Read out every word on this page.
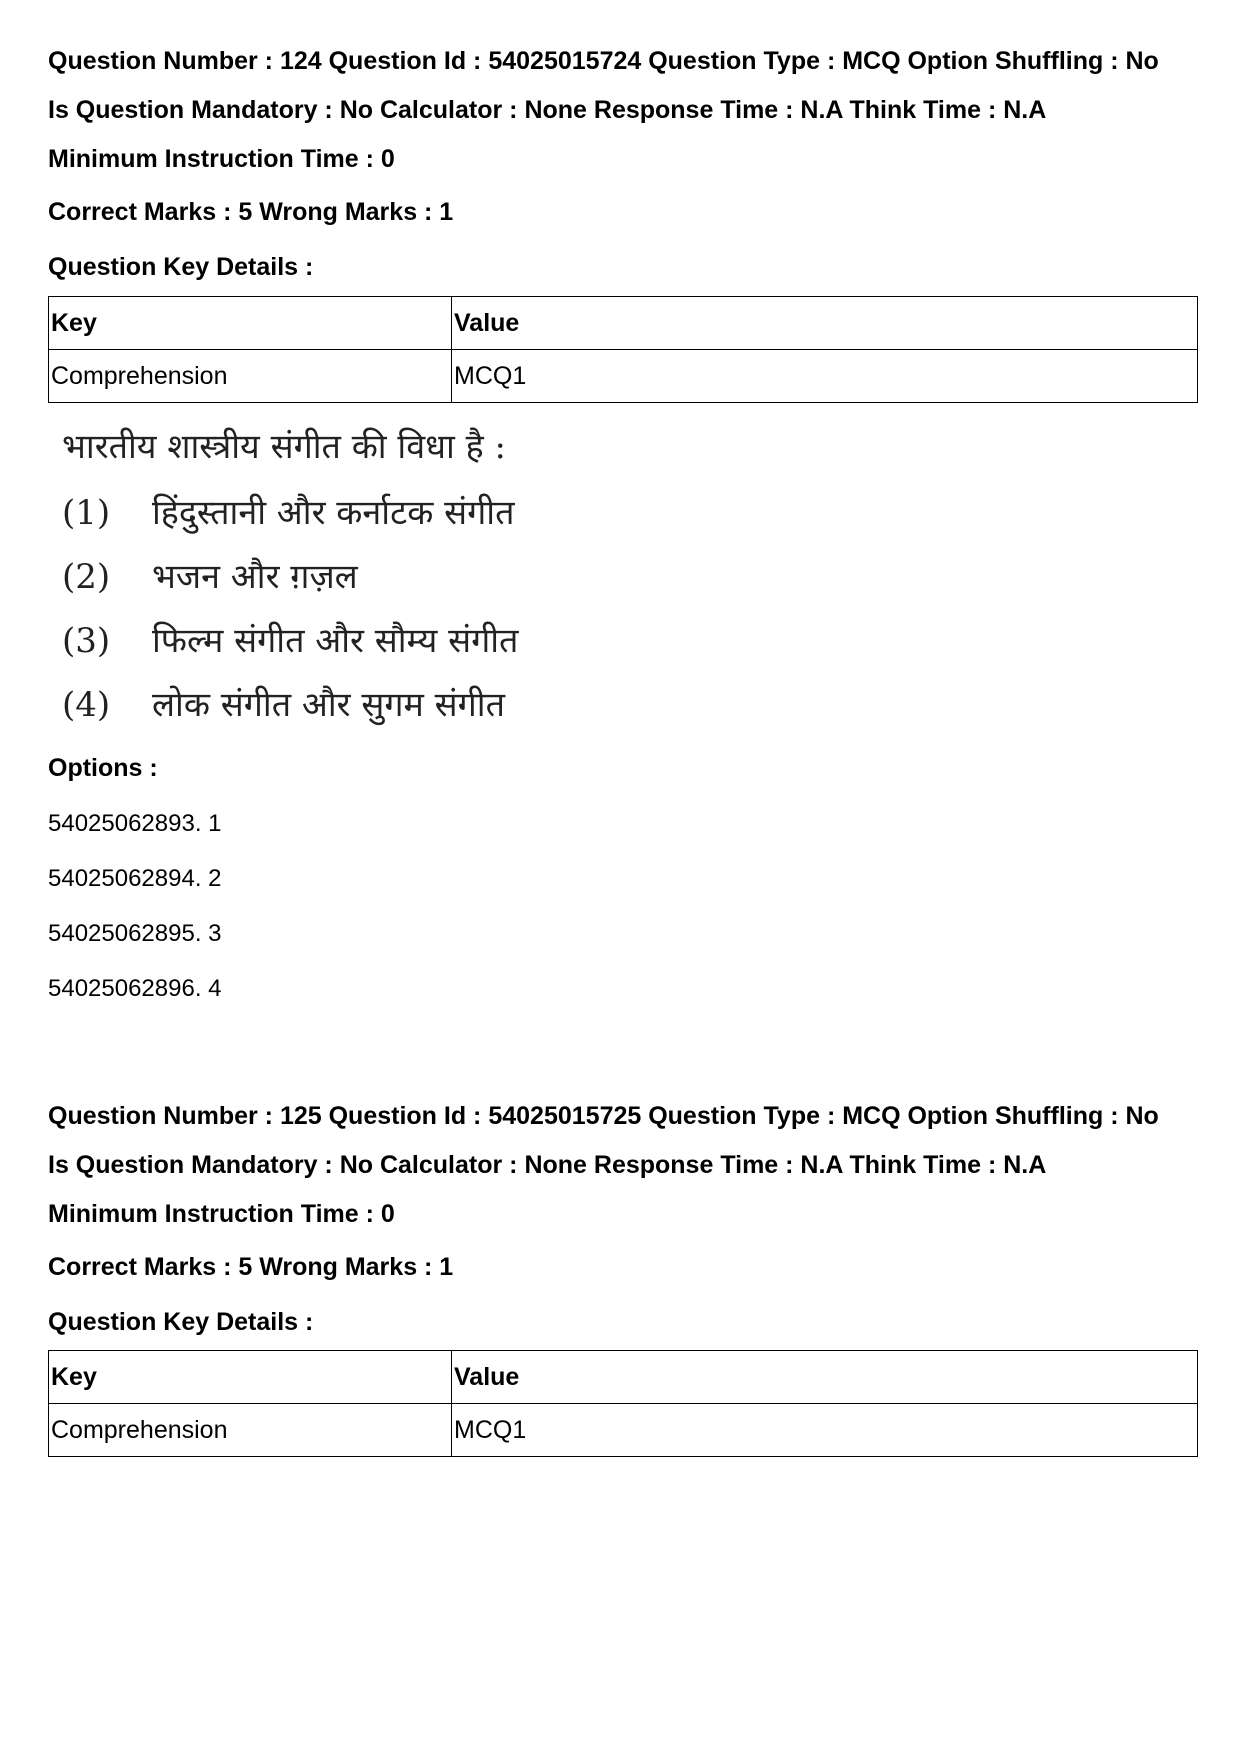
Question Number : 124 Question Id : 54025015724 Question Type : MCQ Option Shuffling : No

Is Question Mandatory : No Calculator : None Response Time : N.A Think Time : N.A

Minimum Instruction Time : 0

Correct Marks : 5 Wrong Marks : 1

Question Key Details :

Key	Value
Comprehension	MCQ1
भारतीय शास्त्रीय संगीत की विधा है :
(1) हिंदुस्तानी और कर्नाटक संगीत
(2) भजन और ग़ज़ल
(3) फिल्म संगीत और सौम्य संगीत
(4) लोक संगीत और सुगम संगीत

Options :

54025062893. 1
54025062894. 2
54025062895. 3
54025062896. 4

Question Number : 125 Question Id : 54025015725 Question Type : MCQ Option Shuffling : No

Is Question Mandatory : No Calculator : None Response Time : N.A Think Time : N.A

Minimum Instruction Time : 0

Correct Marks : 5 Wrong Marks : 1

Question Key Details :

Key	Value
Comprehension	MCQ1
